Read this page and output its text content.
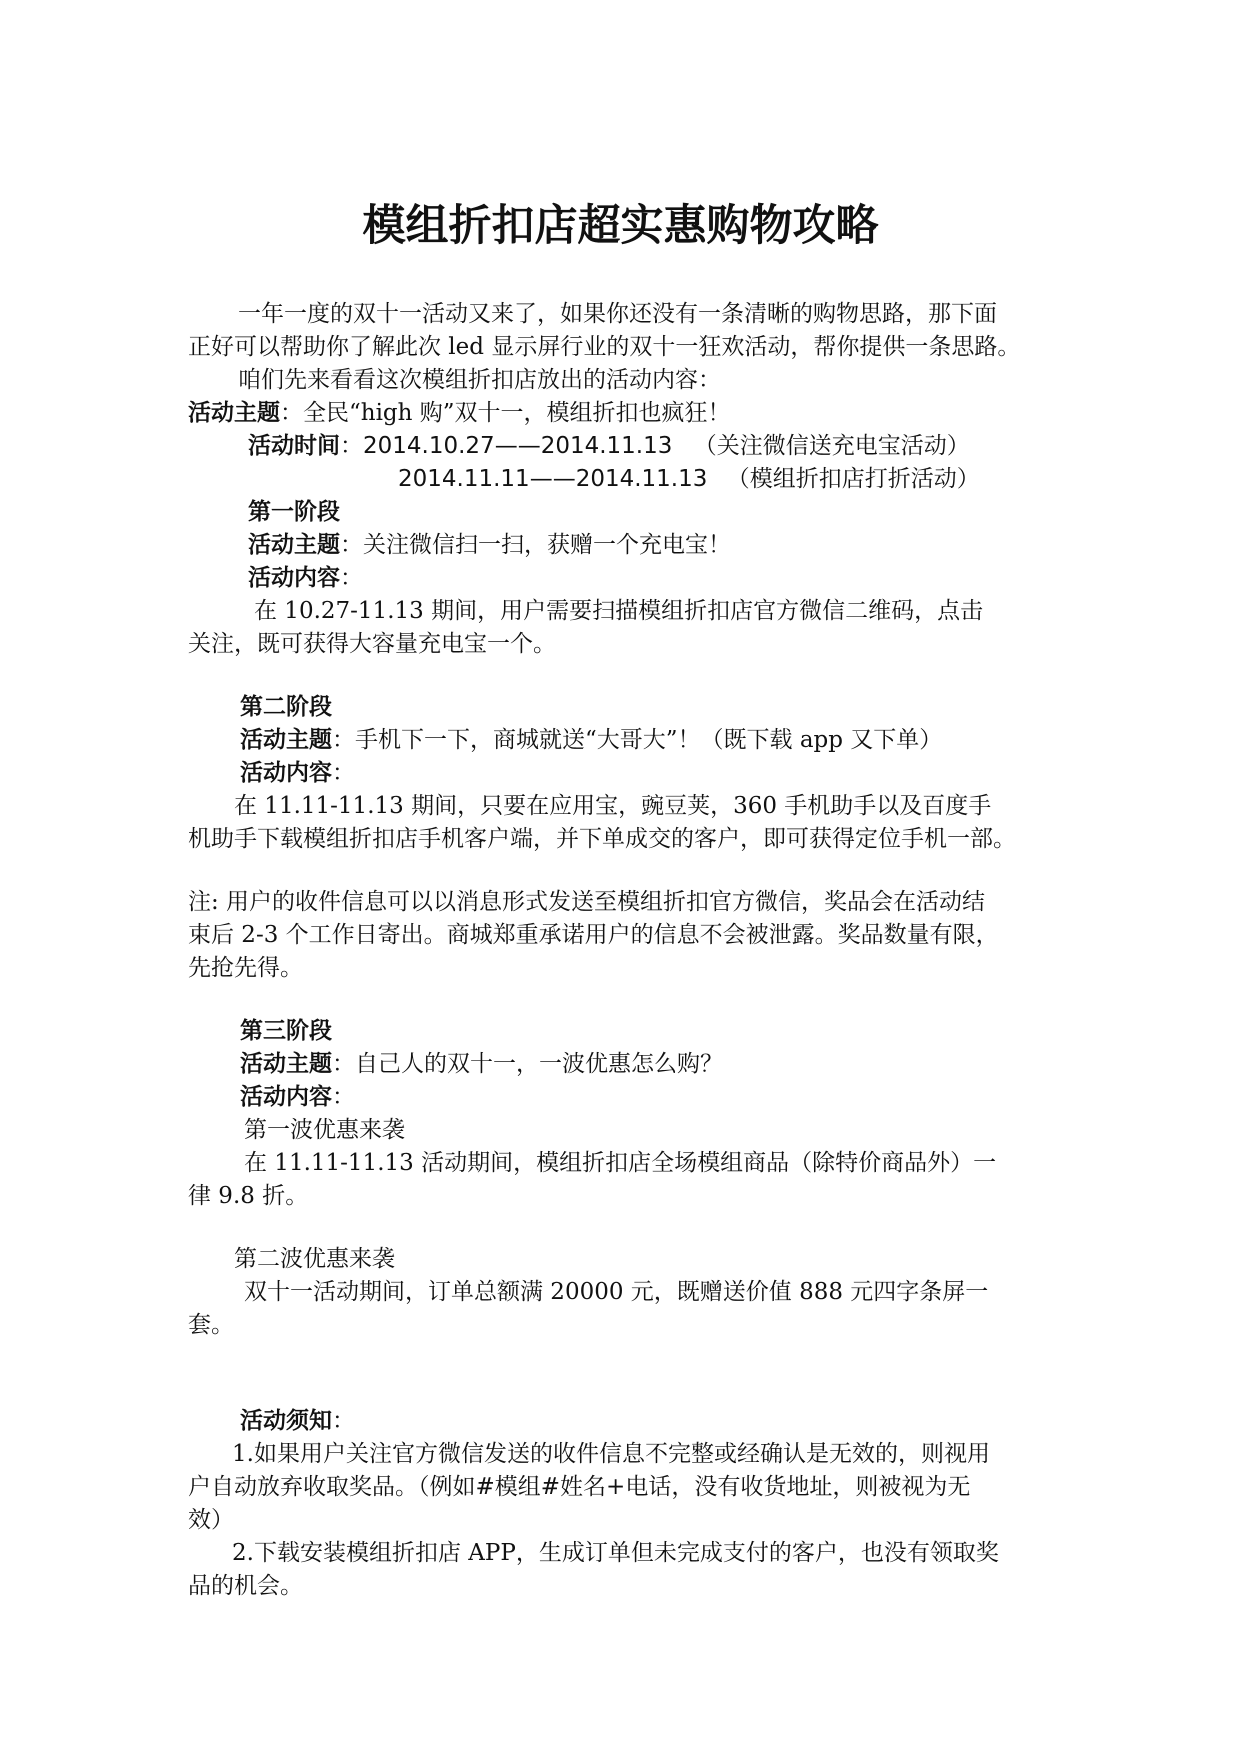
模组折扣店超实惠购物攻略
一年一度的双十一活动又来了，如果你还没有一条清晰的购物思路，那下面
正好可以帮助你了解此次 led 显示屏行业的双十一狂欢活动，帮你提供一条思路。
咱们先来看看这次模组折扣店放出的活动内容：
活动主题：全民“high 购”双十一，模组折扣也疯狂！
活动时间：2014.10.27——2014.11.13 （关注微信送充电宝活动）
2014.11.11——2014.11.13 （模组折扣店打折活动）
第一阶段
活动主题：关注微信扫一扫，获赠一个充电宝！
活动内容：
在 10.27-11.13 期间，用户需要扫描模组折扣店官方微信二维码，点击
关注，既可获得大容量充电宝一个。
第二阶段
活动主题：手机下一下，商城就送“大哥大”！（既下载 app 又下单）
活动内容：
在 11.11-11.13 期间，只要在应用宝，豌豆荚，360 手机助手以及百度手
机助手下载模组折扣店手机客户端，并下单成交的客户，即可获得定位手机一部。
注: 用户的收件信息可以以消息形式发送至模组折扣官方微信，奖品会在活动结
束后 2-3 个工作日寄出。商城郑重承诺用户的信息不会被泄露。奖品数量有限，
先抢先得。
第三阶段
活动主题：自己人的双十一，一波优惠怎么购？
活动内容：
第一波优惠来袭
在 11.11-11.13 活动期间，模组折扣店全场模组商品（除特价商品外）一
律 9.8 折。
第二波优惠来袭
双十一活动期间，订单总额满 20000 元，既赠送价值 888 元四字条屏一
套。
活动须知：
1.如果用户关注官方微信发送的收件信息不完整或经确认是无效的，则视用
户自动放弃收取奖品。（例如#模组#姓名+电话，没有收货地址，则被视为无
效）
2.下载安装模组折扣店 APP，生成订单但未完成支付的客户，也没有领取奖
品的机会。
